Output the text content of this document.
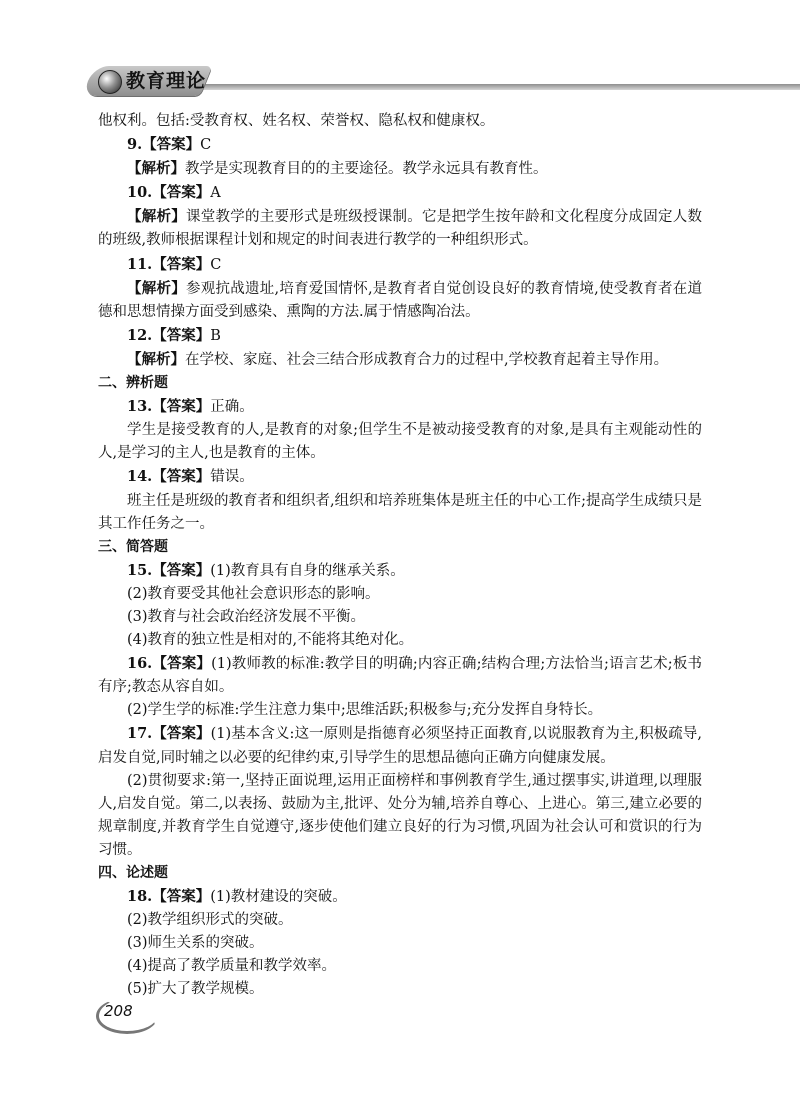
教育理论

他权利。包括:受教育权、姓名权、荣誉权、隐私权和健康权。

9.【答案】C

【解析】教学是实现教育目的的主要途径。教学永远具有教育性。

10.【答案】A

【解析】课堂教学的主要形式是班级授课制。它是把学生按年龄和文化程度分成固定人数的班级,教师根据课程计划和规定的时间表进行教学的一种组织形式。

11.【答案】C

【解析】参观抗战遗址,培育爱国情怀,是教育者自觉创设良好的教育情境,使受教育者在道德和思想情操方面受到感染、熏陶的方法.属于情感陶冶法。

12.【答案】B

【解析】在学校、家庭、社会三结合形成教育合力的过程中,学校教育起着主导作用。

二、辨析题

13.【答案】正确。

学生是接受教育的人,是教育的对象;但学生不是被动接受教育的对象,是具有主观能动性的人,是学习的主人,也是教育的主体。

14.【答案】错误。

班主任是班级的教育者和组织者,组织和培养班集体是班主任的中心工作;提高学生成绩只是其工作任务之一。

三、简答题

15.【答案】(1)教育具有自身的继承关系。

(2)教育要受其他社会意识形态的影响。

(3)教育与社会政治经济发展不平衡。

(4)教育的独立性是相对的,不能将其绝对化。

16.【答案】(1)教师教的标准:教学目的明确;内容正确;结构合理;方法恰当;语言艺术;板书有序;教态从容自如。

(2)学生学的标准:学生注意力集中;思维活跃;积极参与;充分发挥自身特长。

17.【答案】(1)基本含义:这一原则是指德育必须坚持正面教育,以说服教育为主,积极疏导,启发自觉,同时辅之以必要的纪律约束,引导学生的思想品德向正确方向健康发展。

(2)贯彻要求:第一,坚持正面说理,运用正面榜样和事例教育学生,通过摆事实,讲道理,以理服人,启发自觉。第二,以表扬、鼓励为主,批评、处分为辅,培养自尊心、上进心。第三,建立必要的规章制度,并教育学生自觉遵守,逐步使他们建立良好的行为习惯,巩固为社会认可和赏识的行为习惯。

四、论述题

18.【答案】(1)教材建设的突破。

(2)教学组织形式的突破。

(3)师生关系的突破。

(4)提高了教学质量和教学效率。

(5)扩大了教学规模。

208
